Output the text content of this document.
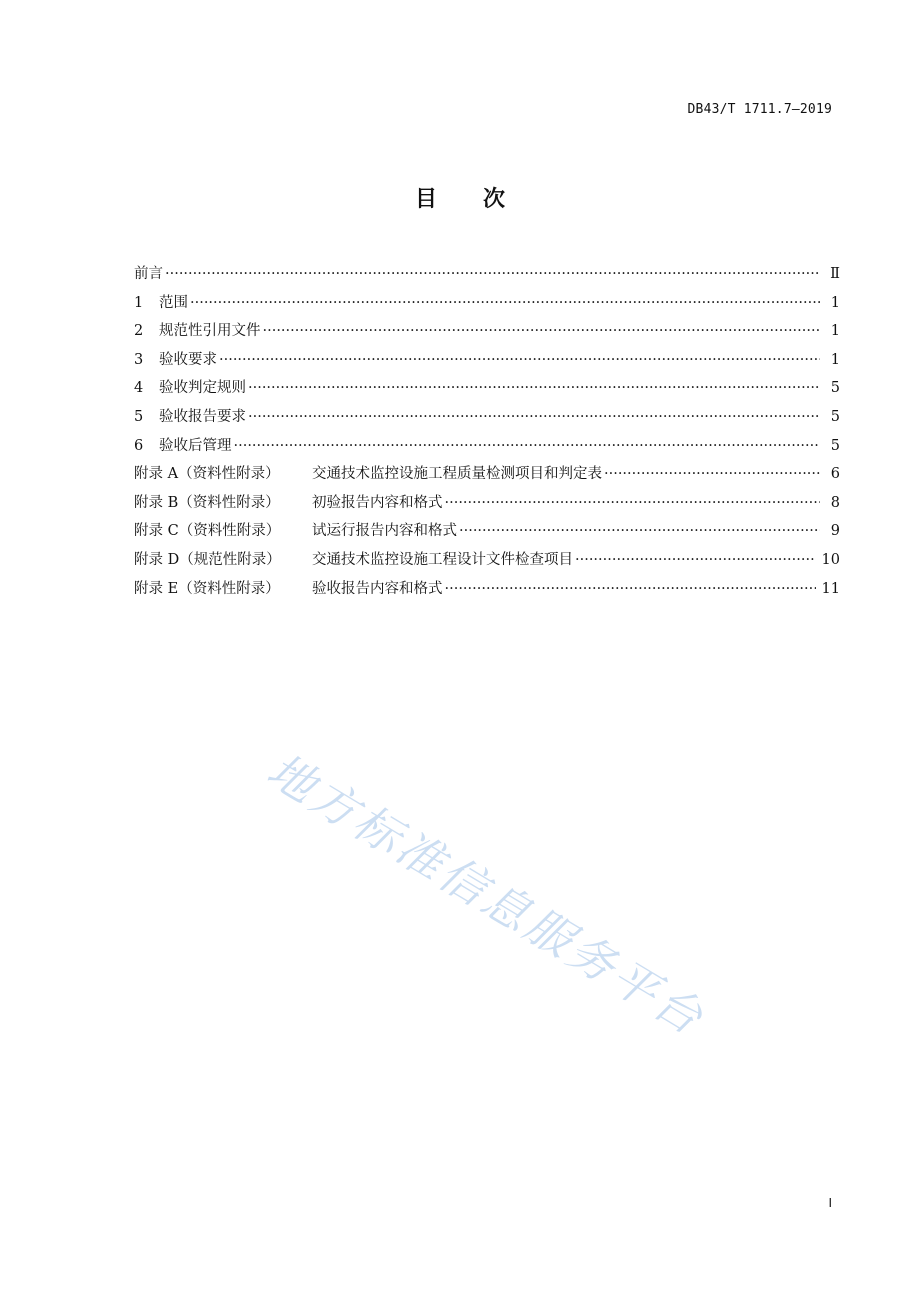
DB43/T 1711.7—2019
目 次
前言 ·····	Ⅱ
1	范围 ·····	1
2	规范性引用文件 ·····	1
3	验收要求 ·····	1
4	验收判定规则 ·····	5
5	验收报告要求 ·····	5
6	验收后管理 ·····	5
附录 A（资料性附录）	交通技术监控设施工程质量检测项目和判定表 ·····	6
附录 B（资料性附录）	初验报告内容和格式 ·····	8
附录 C（资料性附录）	试运行报告内容和格式 ·····	9
附录 D（规范性附录）	交通技术监控设施工程设计文件检查项目 ·····	10
附录 E（资料性附录）	验收报告内容和格式 ·····	11
地方标准信息服务平台
I
